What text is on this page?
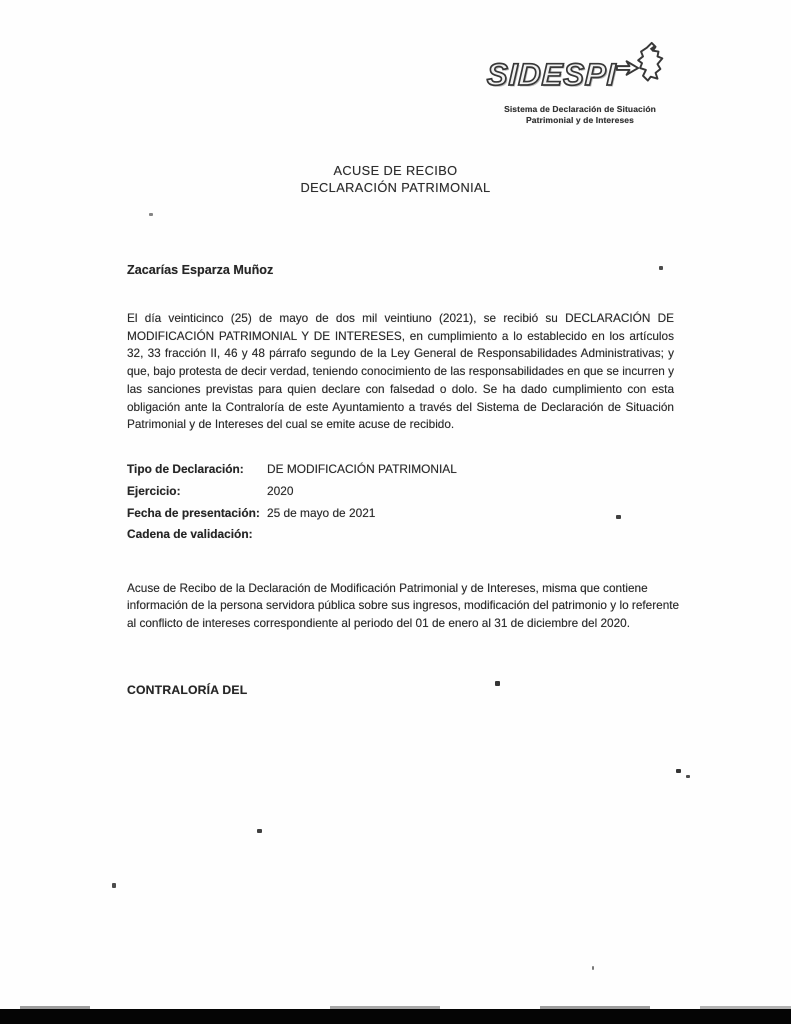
SIDESPI
Sistema de Declaración de Situación
Patrimonial y de Intereses
ACUSE DE RECIBO
DECLARACIÓN PATRIMONIAL
Zacarías Esparza Muñoz
El día veinticinco (25) de mayo de dos mil veintiuno (2021), se recibió su DECLARACIÓN DE MODIFICACIÓN PATRIMONIAL Y DE INTERESES, en cumplimiento a lo establecido en los artículos 32, 33 fracción II, 46 y 48 párrafo segundo de la Ley General de Responsabilidades Administrativas; y que, bajo protesta de decir verdad, teniendo conocimiento de las responsabilidades en que se incurren y las sanciones previstas para quien declare con falsedad o dolo. Se ha dado cumplimiento con esta obligación ante la Contraloría de este Ayuntamiento a través del Sistema de Declaración de Situación Patrimonial y de Intereses del cual se emite acuse de recibido.
Tipo de Declaración:	DE MODIFICACIÓN PATRIMONIAL
Ejercicio:	2020
Fecha de presentación: 25 de mayo de 2021
Cadena de validación:
Acuse de Recibo de la Declaración de Modificación Patrimonial y de Intereses, misma que contiene información de la persona servidora pública sobre sus ingresos, modificación del patrimonio y lo referente al conflicto de intereses correspondiente al periodo del 01 de enero al 31 de diciembre del 2020.
CONTRALORÍA DEL
